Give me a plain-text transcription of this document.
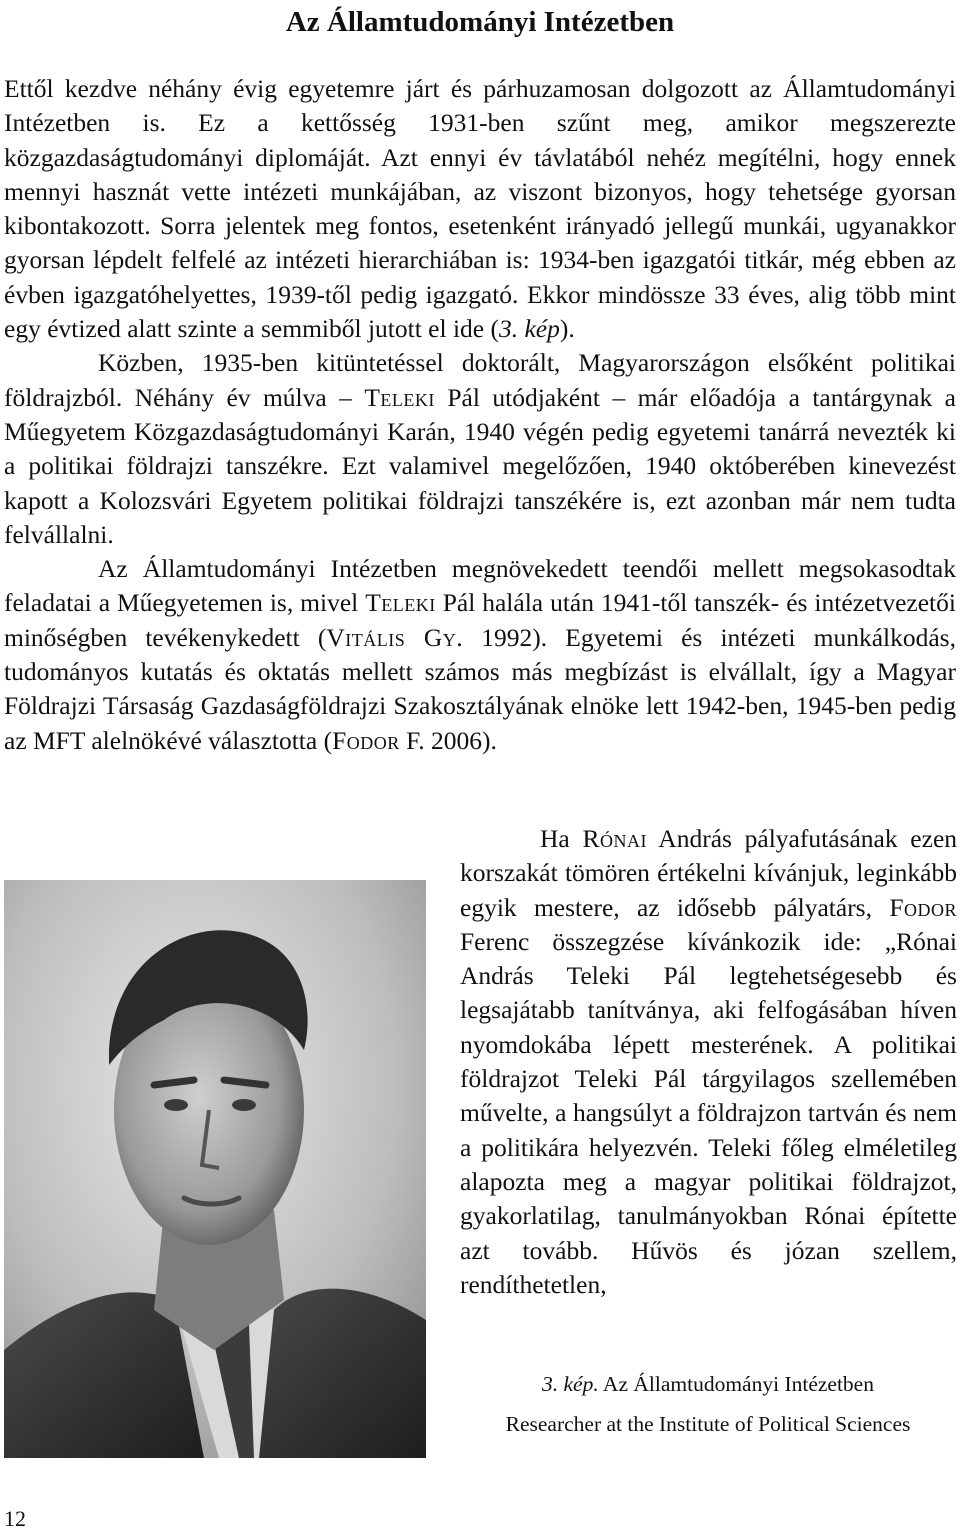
Az Államtudományi Intézetben

Ettől kezdve néhány évig egyetemre járt és párhuzamosan dolgozott az Államtudományi Intézetben is. Ez a kettősség 1931-ben szűnt meg, amikor megszerezte közgazdaságtudományi diplomáját. Azt ennyi év távlatából nehéz megítélni, hogy ennek mennyi hasznát vette intézeti munkájában, az viszont bizonyos, hogy tehetsége gyorsan kibontakozott. Sorra jelentek meg fontos, esetenként irányadó jellegű munkái, ugyanakkor gyorsan lépdelt felfelé az intézeti hierarchiában is: 1934-ben igazgatói titkár, még ebben az évben igazgatóhelyettes, 1939-től pedig igazgató. Ekkor mindössze 33 éves, alig több mint egy évtized alatt szinte a semmiből jutott el ide (3. kép).

Közben, 1935-ben kitüntetéssel doktorált, Magyarországon elsőként politikai földrajzból. Néhány év múlva – Teleki Pál utódjaként – már előadója a tantárgynak a Műegyetem Közgazdaságtudományi Karán, 1940 végén pedig egyetemi tanárrá nevezték ki a politikai földrajzi tanszékre. Ezt valamivel megelőzően, 1940 októberében kinevezést kapott a Kolozsvári Egyetem politikai földrajzi tanszékére is, ezt azonban már nem tudta felvállalni.

Az Államtudományi Intézetben megnövekedett teendői mellett megsokasodtak feladatai a Műegyetemen is, mivel Teleki Pál halála után 1941-től tanszék- és intézetvezetői minőségben tevékenykedett (Vitális Gy. 1992). Egyetemi és intézeti munkálkodás, tudományos kutatás és oktatás mellett számos más megbízást is elvállalt, így a Magyar Földrajzi Társaság Gazdaságföldrajzi Szakosztályának elnöke lett 1942-ben, 1945-ben pedig az MFT alelnökévé választotta (Fodor F. 2006).

Ha Rónai András pályafutásának ezen korszakát tömören értékelni kívánjuk, leginkább egyik mestere, az idősebb pályatárs, Fodor Ferenc összegzése kívánkozik ide: „Rónai András Teleki Pál legtehetségesebb és legsajátabb tanítványa, aki felfogásában híven nyomdokába lépett mesterének. A politikai földrajzot Teleki Pál tárgyilagos szellemében művelte, a hangsúlyt a földrajzon tartván és nem a politikára helyezvén. Teleki főleg elméletileg alapozta meg a magyar politikai földrajzot, gyakorlatilag, tanulmányokban Rónai építette azt tovább. Hűvös és józan szellem, rendíthetetlen,

3. kép. Az Államtudományi Intézetben
Researcher at the Institute of Political Sciences
12
